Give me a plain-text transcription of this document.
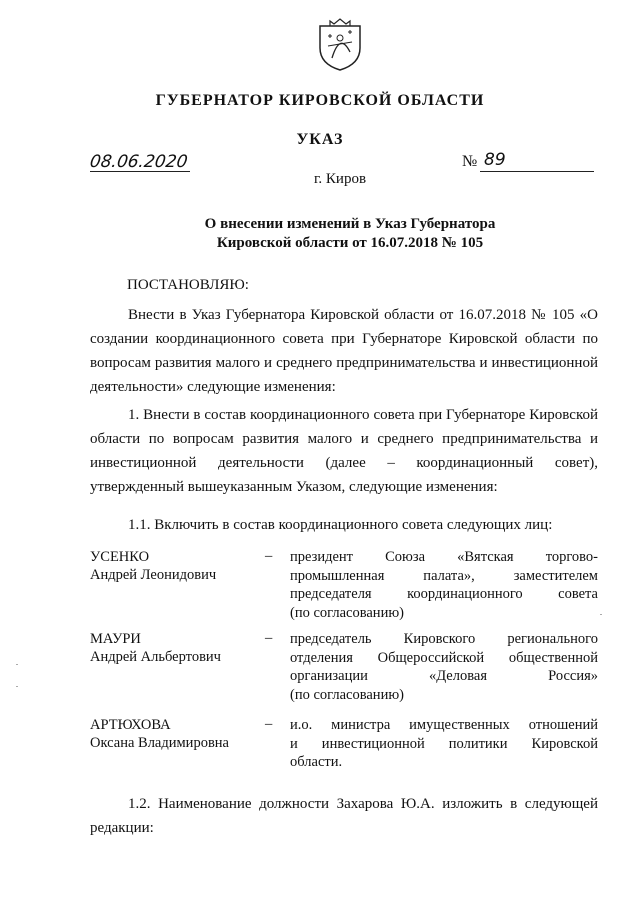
ГУБЕРНАТОР КИРОВСКОЙ ОБЛАСТИ
УКАЗ
08.06.2020	№ 89
г. Киров
О внесении изменений в Указ Губернатора
Кировской области от 16.07.2018 № 105
ПОСТАНОВЛЯЮ:
Внести в Указ Губернатора Кировской области от 16.07.2018 № 105 «О создании координационного совета при Губернаторе Кировской области по вопросам развития малого и среднего предпринимательства и инвестиционной деятельности» следующие изменения:
1. Внести в состав координационного совета при Губернаторе Кировской области по вопросам развития малого и среднего предпринимательства и инвестиционной деятельности (далее – координационный совет), утвержденный вышеуказанным Указом, следующие изменения:
1.1. Включить в состав координационного совета следующих лиц:
УСЕНКО
Андрей Леонидович
– президент Союза «Вятская торгово-
промышленная палата», заместителем
председателя координационного совета
(по согласованию)
МАУРИ
Андрей Альбертович
– председатель Кировского регионального
отделения Общероссийской общественной
организации «Деловая Россия»
(по согласованию)
АРТЮХОВА
Оксана Владимировна
– и.о. министра имущественных отношений
и инвестиционной политики Кировской
области.
1.2. Наименование должности Захарова Ю.А. изложить в следующей редакции:
